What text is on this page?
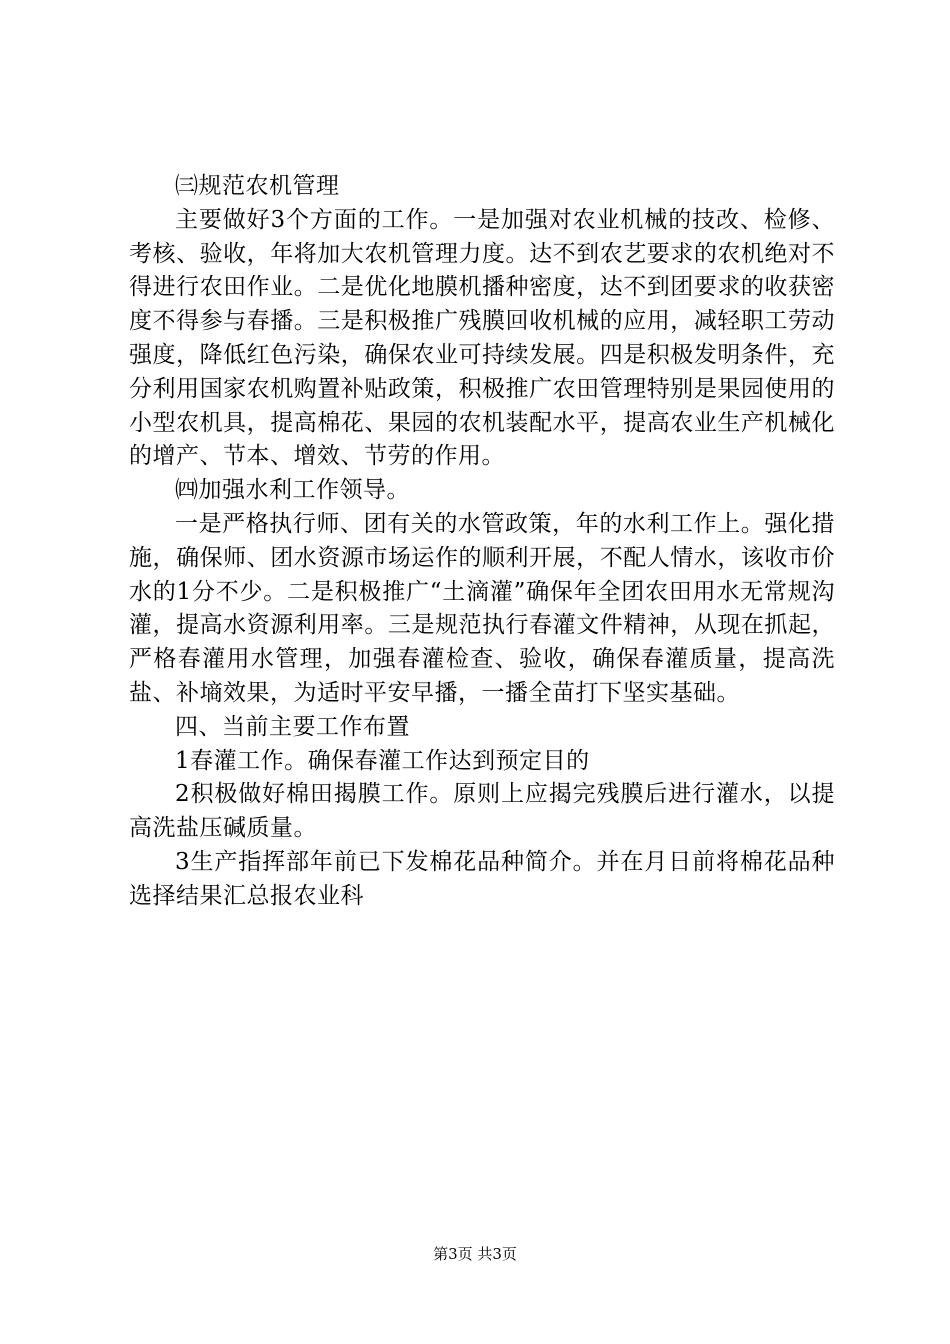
㈢规范农机管理

主要做好3个方面的工作。一是加强对农业机械的技改、检修、考核、验收，年将加大农机管理力度。达不到农艺要求的农机绝对不得进行农田作业。二是优化地膜机播种密度，达不到团要求的收获密度不得参与春播。三是积极推广残膜回收机械的应用，减轻职工劳动强度，降低红色污染，确保农业可持续发展。四是积极发明条件，充分利用国家农机购置补贴政策，积极推广农田管理特别是果园使用的小型农机具，提高棉花、果园的农机装配水平，提高农业生产机械化的增产、节本、增效、节劳的作用。

㈣加强水利工作领导。

一是严格执行师、团有关的水管政策，年的水利工作上。强化措施，确保师、团水资源市场运作的顺利开展，不配人情水，该收市价水的1分不少。二是积极推广“土滴灌”确保年全团农田用水无常规沟灌，提高水资源利用率。三是规范执行春灌文件精神，从现在抓起，严格春灌用水管理，加强春灌检查、验收，确保春灌质量，提高洗盐、补墒效果，为适时平安早播，一播全苗打下坚实基础。

四、当前主要工作布置

1春灌工作。确保春灌工作达到预定目的

2积极做好棉田揭膜工作。原则上应揭完残膜后进行灌水，以提高洗盐压碱质量。

3生产指挥部年前已下发棉花品种简介。并在月日前将棉花品种选择结果汇总报农业科

第3页 共3页
